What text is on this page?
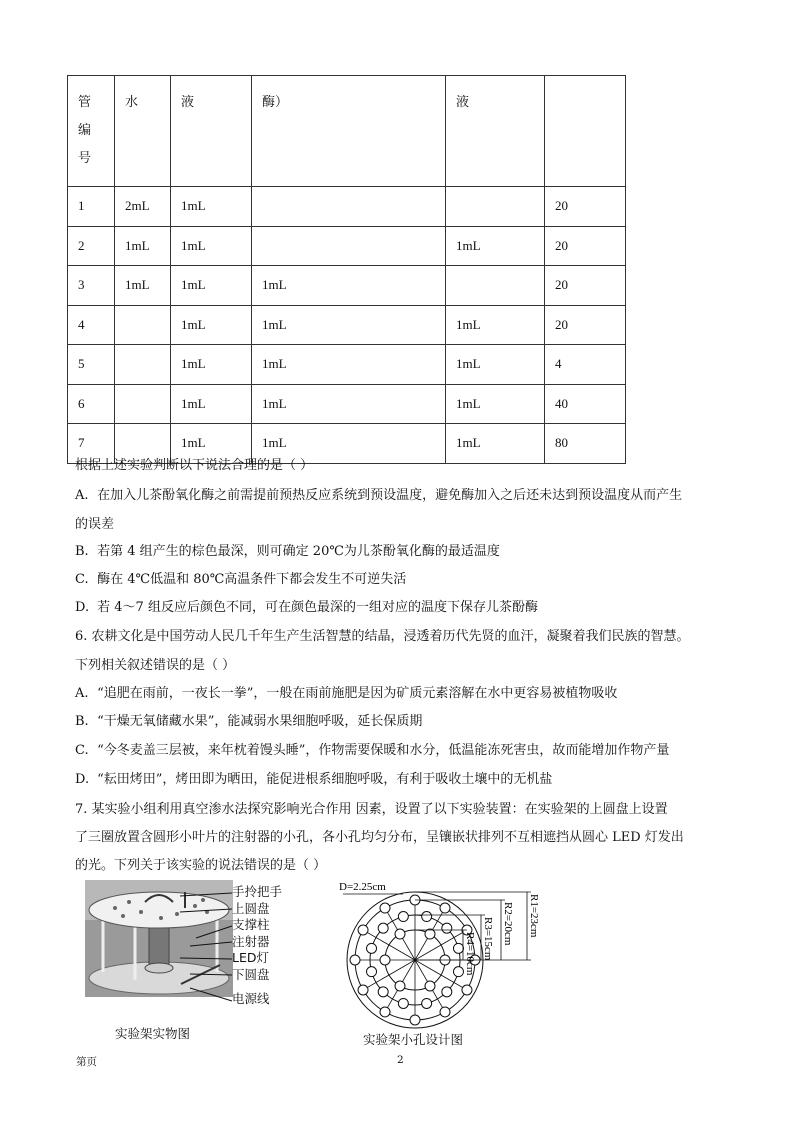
管
编
号	水	液	酶）	液	

1	2mL	1mL			20
2	1mL	1mL		1mL	20
3	1mL	1mL	1mL		20
4		1mL	1mL	1mL	20
5		1mL	1mL	1mL	4
6		1mL	1mL	1mL	40
7		1mL	1mL	1mL	80
根据上述实验判断以下说法合理的是（ ）
A. 在加入儿茶酚氧化酶之前需提前预热反应系统到预设温度，避免酶加入之后还未达到预设温度从而产生
的误差
B. 若第 4 组产生的棕色最深，则可确定 20℃为儿茶酚氧化酶的最适温度
C. 酶在 4℃低温和 80℃高温条件下都会发生不可逆失活
D. 若 4～7 组反应后颜色不同，可在颜色最深的一组对应的温度下保存儿茶酚酶
6. 农耕文化是中国劳动人民几千年生产生活智慧的结晶，浸透着历代先贤的血汗，凝聚着我们民族的智慧。
下列相关叙述错误的是（ ）
A. “追肥在雨前，一夜长一拳”，一般在雨前施肥是因为矿质元素溶解在水中更容易被植物吸收
B. “干燥无氧储藏水果”，能减弱水果细胞呼吸，延长保质期
C. “今冬麦盖三层被，来年枕着馒头睡”，作物需要保暖和水分，低温能冻死害虫，故而能增加作物产量
D. “耘田烤田”，烤田即为晒田，能促进根系细胞呼吸，有利于吸收土壤中的无机盐
7. 某实验小组利用真空渗水法探究影响光合作用 因素，设置了以下实验装置：在实验架的上圆盘上设置
了三圈放置含圆形小叶片的注射器的小孔，各小孔均匀分布，呈镶嵌状排列不互相遮挡从圆心 LED 灯发出
的光。下列关于该实验的说法错误的是（ ）
手拎把手
上圆盘
支撑柱
注射器
LED灯
下圆盘
电源线
实验架实物图
D=2.25cm
R1=23cm
R2=20cm
R3=15cm
R4=10cm
实验架小孔设计图
第页	2
